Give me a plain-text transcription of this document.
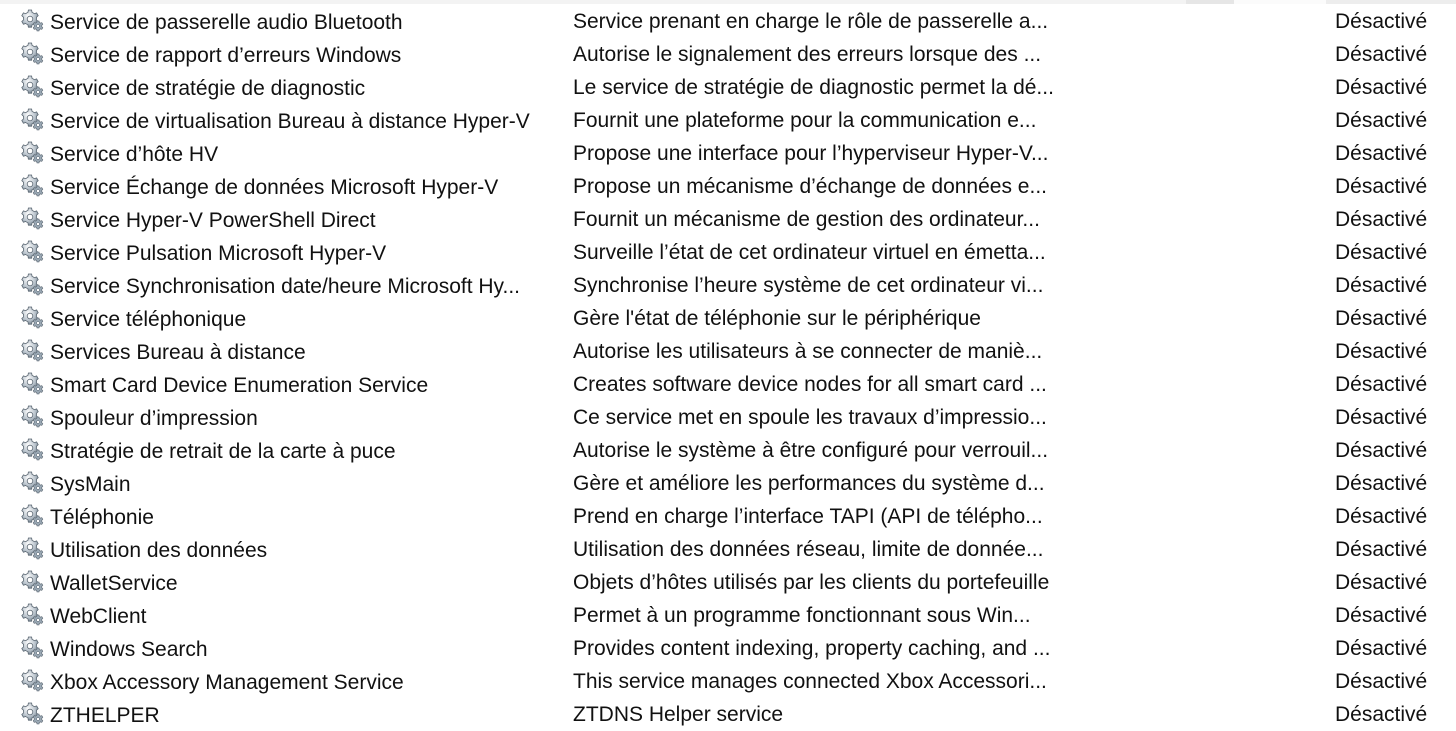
Service de passerelle audio Bluetooth	Service prenant en charge le rôle de passerelle a...	Désactivé
Service de rapport d’erreurs Windows	Autorise le signalement des erreurs lorsque des ...	Désactivé
Service de stratégie de diagnostic	Le service de stratégie de diagnostic permet la dé...	Désactivé
Service de virtualisation Bureau à distance Hyper-V	Fournit une plateforme pour la communication e...	Désactivé
Service d’hôte HV	Propose une interface pour l’hyperviseur Hyper-V...	Désactivé
Service Échange de données Microsoft Hyper-V	Propose un mécanisme d’échange de données e...	Désactivé
Service Hyper-V PowerShell Direct	Fournit un mécanisme de gestion des ordinateur...	Désactivé
Service Pulsation Microsoft Hyper-V	Surveille l’état de cet ordinateur virtuel en émetta...	Désactivé
Service Synchronisation date/heure Microsoft Hy...	Synchronise l’heure système de cet ordinateur vi...	Désactivé
Service téléphonique	Gère l'état de téléphonie sur le périphérique	Désactivé
Services Bureau à distance	Autorise les utilisateurs à se connecter de maniè...	Désactivé
Smart Card Device Enumeration Service	Creates software device nodes for all smart card ...	Désactivé
Spouleur d’impression	Ce service met en spoule les travaux d’impressio...	Désactivé
Stratégie de retrait de la carte à puce	Autorise le système à être configuré pour verrouil...	Désactivé
SysMain	Gère et améliore les performances du système d...	Désactivé
Téléphonie	Prend en charge l’interface TAPI (API de télépho...	Désactivé
Utilisation des données	Utilisation des données réseau, limite de donnée...	Désactivé
WalletService	Objets d’hôtes utilisés par les clients du portefeuille	Désactivé
WebClient	Permet à un programme fonctionnant sous Win...	Désactivé
Windows Search	Provides content indexing, property caching, and ...	Désactivé
Xbox Accessory Management Service	This service manages connected Xbox Accessori...	Désactivé
ZTHELPER	ZTDNS Helper service	Désactivé
